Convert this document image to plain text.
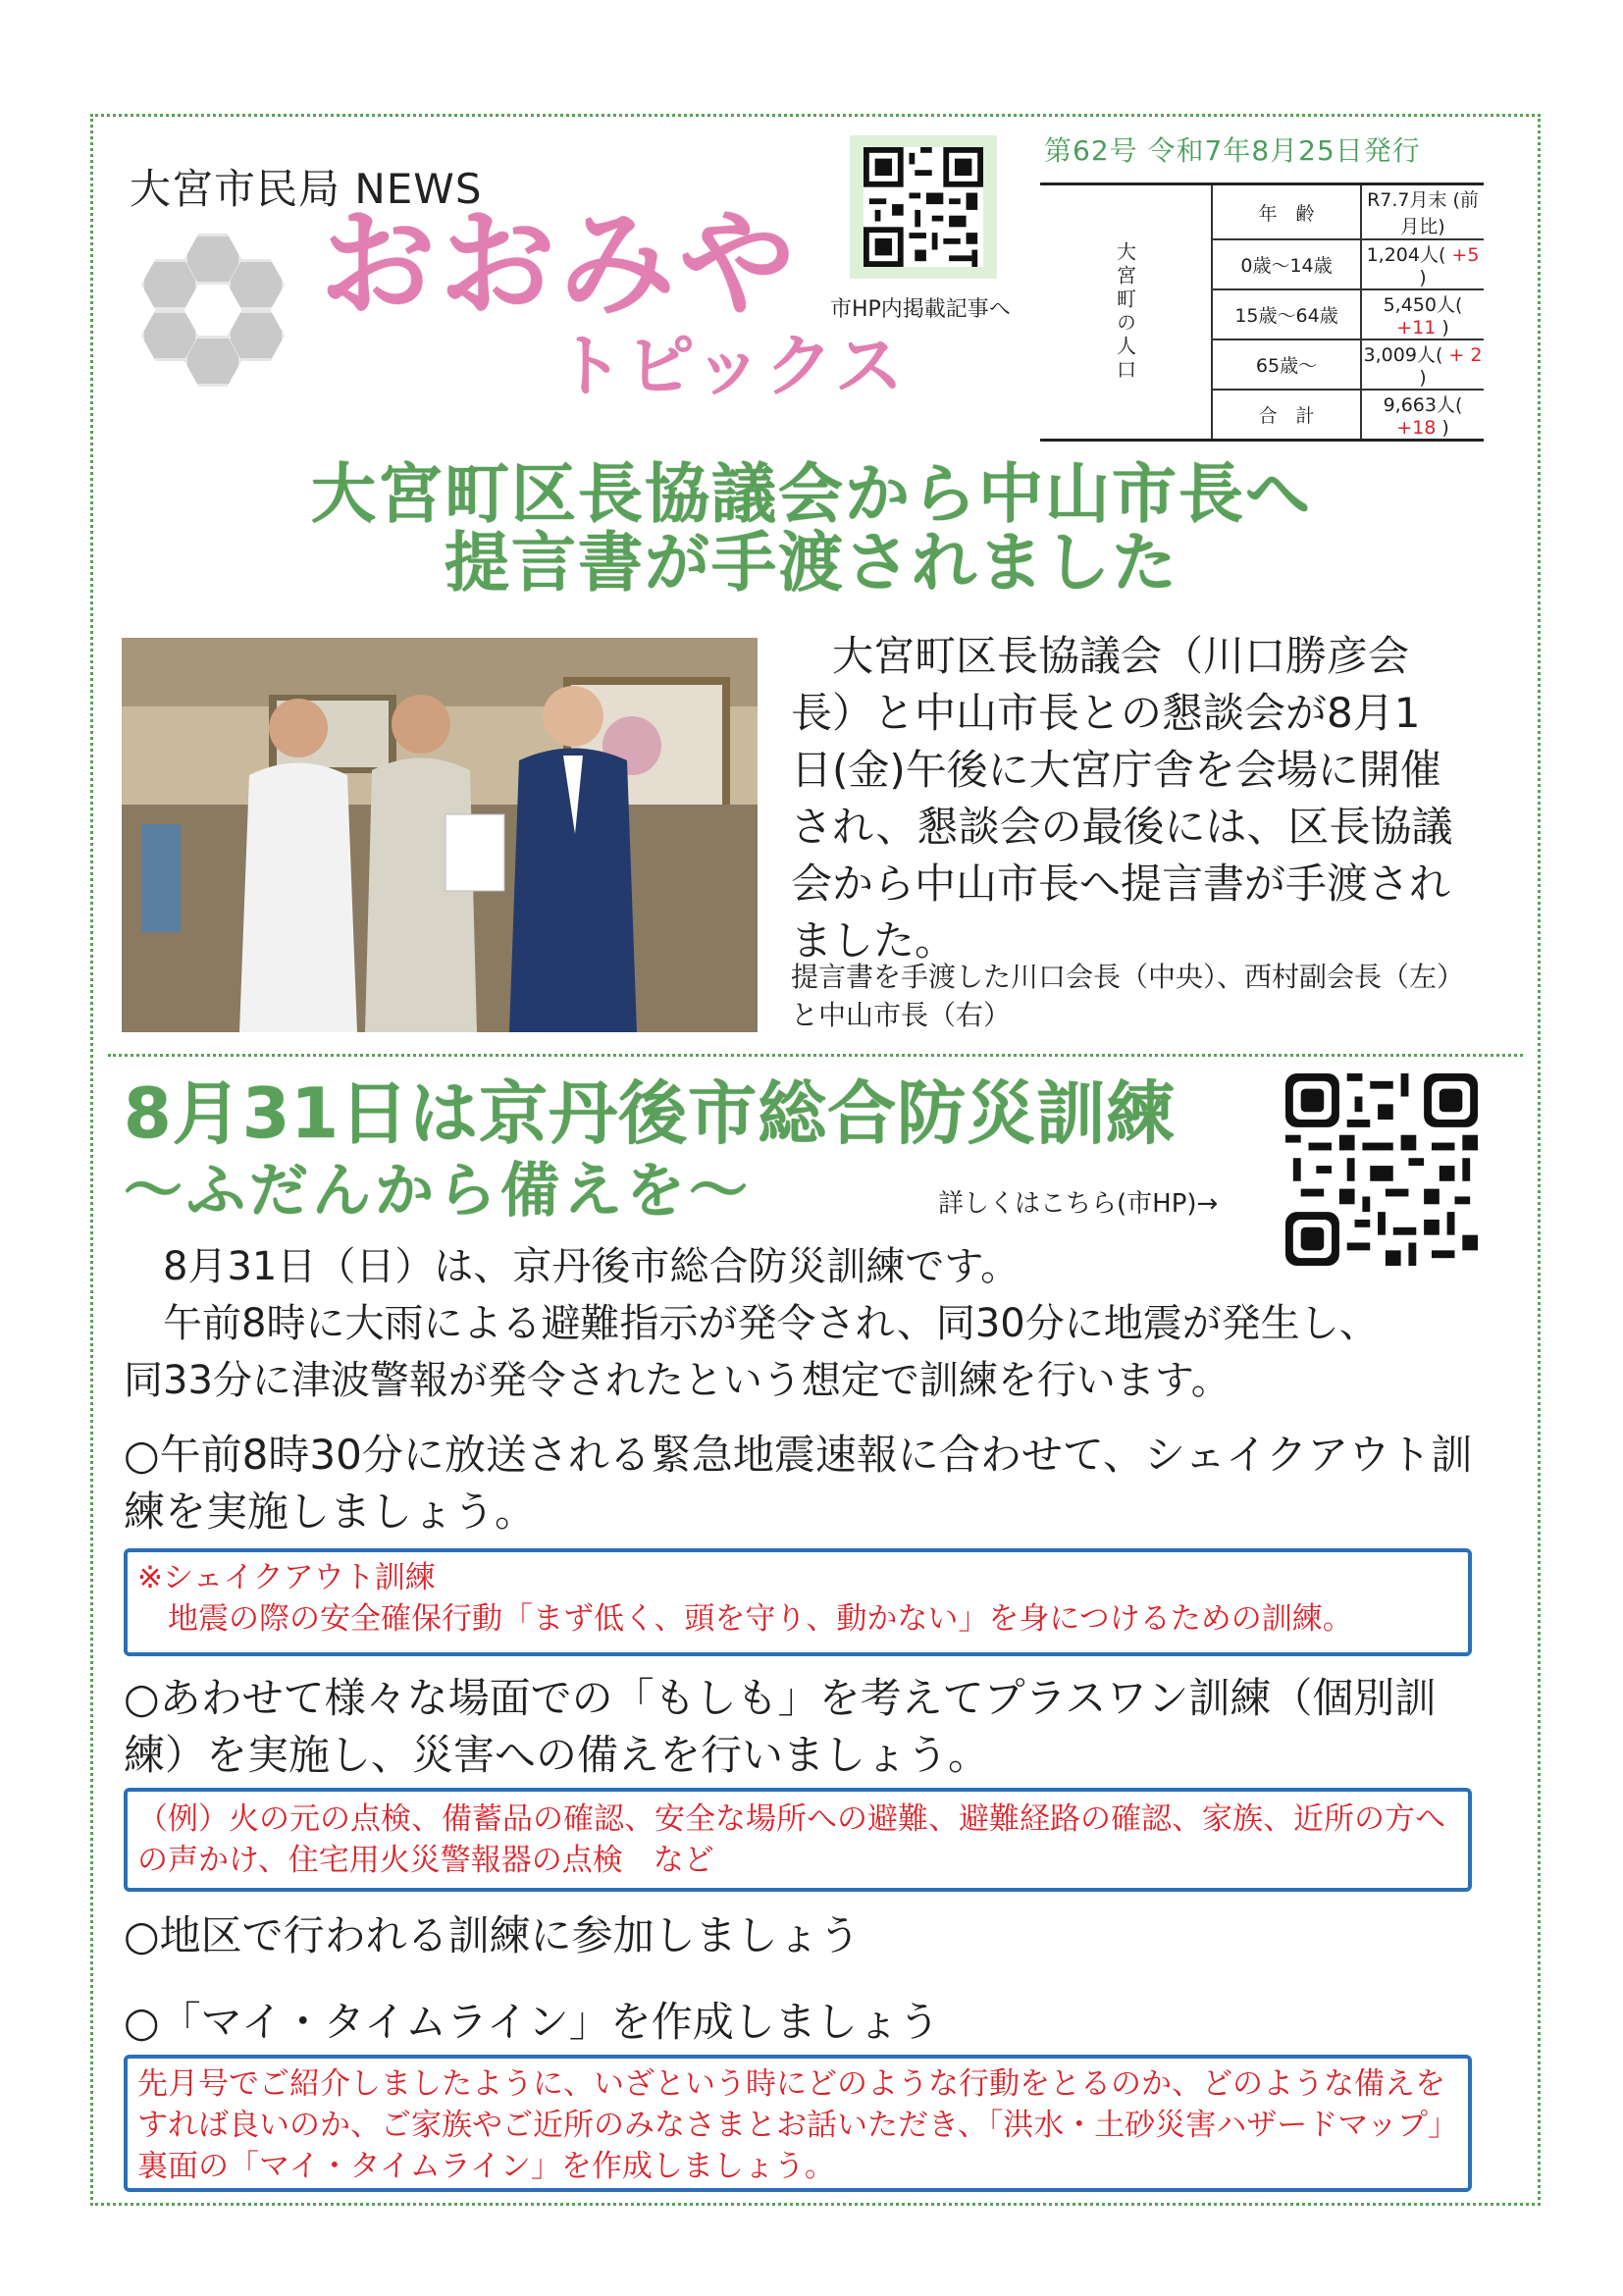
大宮市民局 NEWS
おおみや
トピックス
市HP内掲載記事へ
第62号 令和7年8月25日発行
大宮町の人口	年　齢	R7.7月末 (前月比)
	0歳〜14歳	1,204人( +5 )
	15歳〜64歳	5,450人( +11 )
	65歳〜	3,009人( + 2 )
	合　計	9,663人( +18 )
大宮町区長協議会から中山市長へ
提言書が手渡されました
　大宮町区長協議会（川口勝彦会長）と中山市長との懇談会が8月1日(金)午後に大宮庁舎を会場に開催され、懇談会の最後には、区長協議会から中山市長へ提言書が手渡されました。
提言書を手渡した川口会長（中央）、西村副会長（左）と中山市長（右）
8月31日は京丹後市総合防災訓練
〜ふだんから備えを〜	詳しくはこちら(市HP)→
　8月31日（日）は、京丹後市総合防災訓練です。
　午前8時に大雨による避難指示が発令され、同30分に地震が発生し、
同33分に津波警報が発令されたという想定で訓練を行います。
○午前8時30分に放送される緊急地震速報に合わせて、シェイクアウト訓練を実施しましょう。
※シェイクアウト訓練
　地震の際の安全確保行動「まず低く、頭を守り、動かない」を身につけるための訓練。
○あわせて様々な場面での「もしも」を考えてプラスワン訓練（個別訓練）を実施し、災害への備えを行いましょう。
（例）火の元の点検、備蓄品の確認、安全な場所への避難、避難経路の確認、家族、近所の方への声かけ、住宅用火災警報器の点検　など
○地区で行われる訓練に参加しましょう
○「マイ・タイムライン」を作成しましょう
先月号でご紹介しましたように、いざという時にどのような行動をとるのか、どのような備えをすれば良いのか、ご家族やご近所のみなさまとお話いただき、「洪水・土砂災害ハザードマップ」裏面の「マイ・タイムライン」を作成しましょう。
